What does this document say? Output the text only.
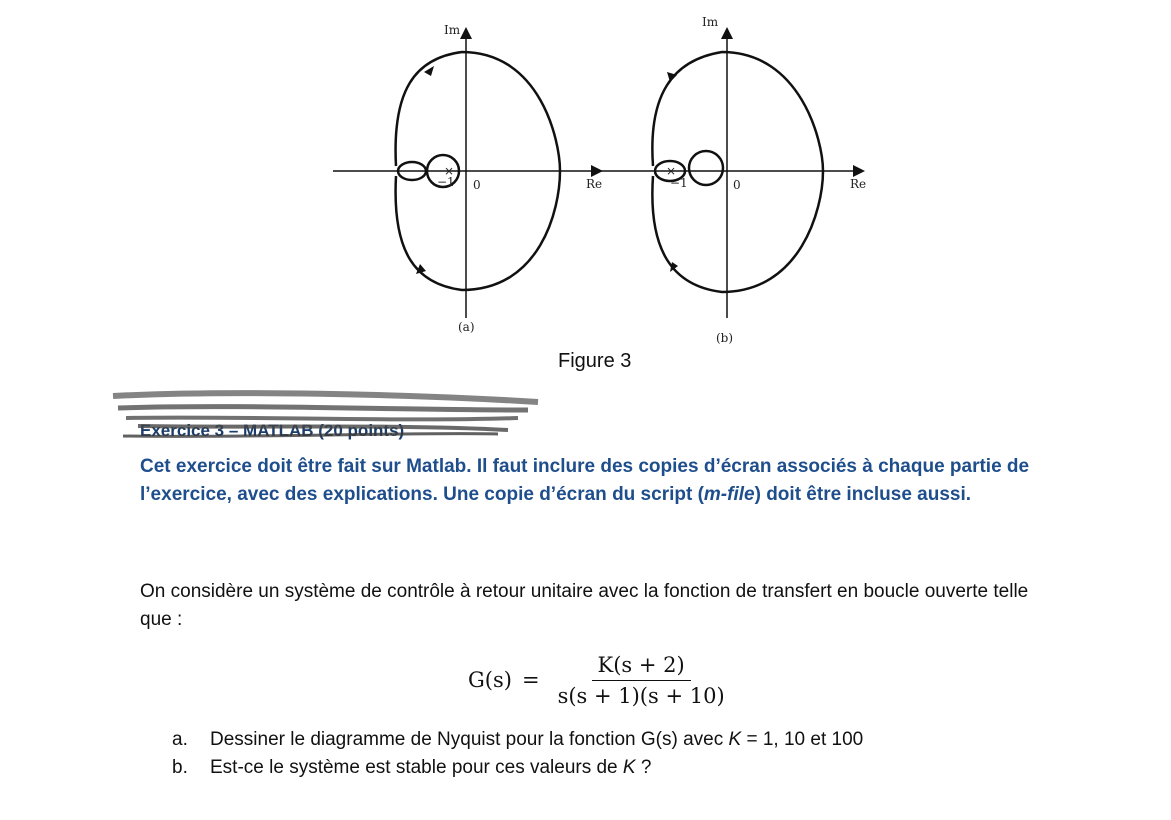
×
Im
Re
−1 0
(a)
×
Im
Re
−1	0
(b)
Figure 3
Exercice 3 – MATLAB (20 points)
Cet exercice doit être fait sur Matlab. Il faut inclure des copies d’écran associés à chaque partie de l’exercice, avec des explications. Une copie d’écran du script (m-file) doit être incluse aussi.
On considère un système de contrôle à retour unitaire avec la fonction de transfert en boucle ouverte telle que :
$G(s) = \frac{K(s + 2)}{s(s + 1)(s + 10)}$
a.	Dessiner le diagramme de Nyquist pour la fonction G(s) avec K = 1, 10 et 100
b.	Est-ce le système est stable pour ces valeurs de K ?
